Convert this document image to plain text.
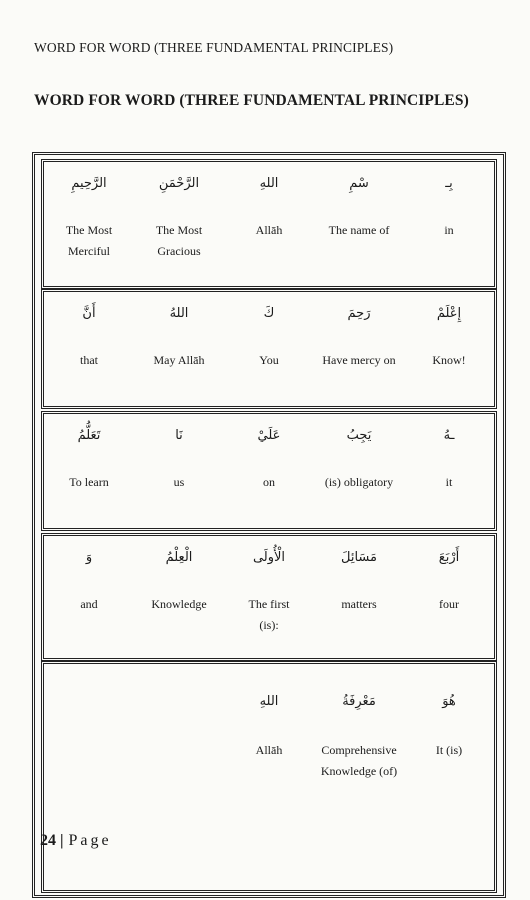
WORD FOR WORD (THREE FUNDAMENTAL PRINCIPLES)
WORD FOR WORD (THREE FUNDAMENTAL PRINCIPLES)
الرَّحِيمِ
The Most Merciful
الرَّحْمَنِ
The Most Gracious
اللهِ
Allāh
سْمِ
The name of
بِـ
in
أَنَّ
that
اللهُ
May Allāh
كَ
You
رَحِمَ
Have mercy on
إِعْلَمْ
Know!
تَعَلُّمُ
To learn
نَا
us
عَلَيْ
on
يَجِبُ
(is) obligatory
ـهُ
it
وَ
and
الْعِلْمُ
Knowledge
الْأُولَى
The first (is):
مَسَائِلَ
matters
أَرْبَعَ
four
اللهِ
Allāh
مَعْرِفَةُ
Comprehensive Knowledge (of)
هُوَ
It (is)
24 | Page
